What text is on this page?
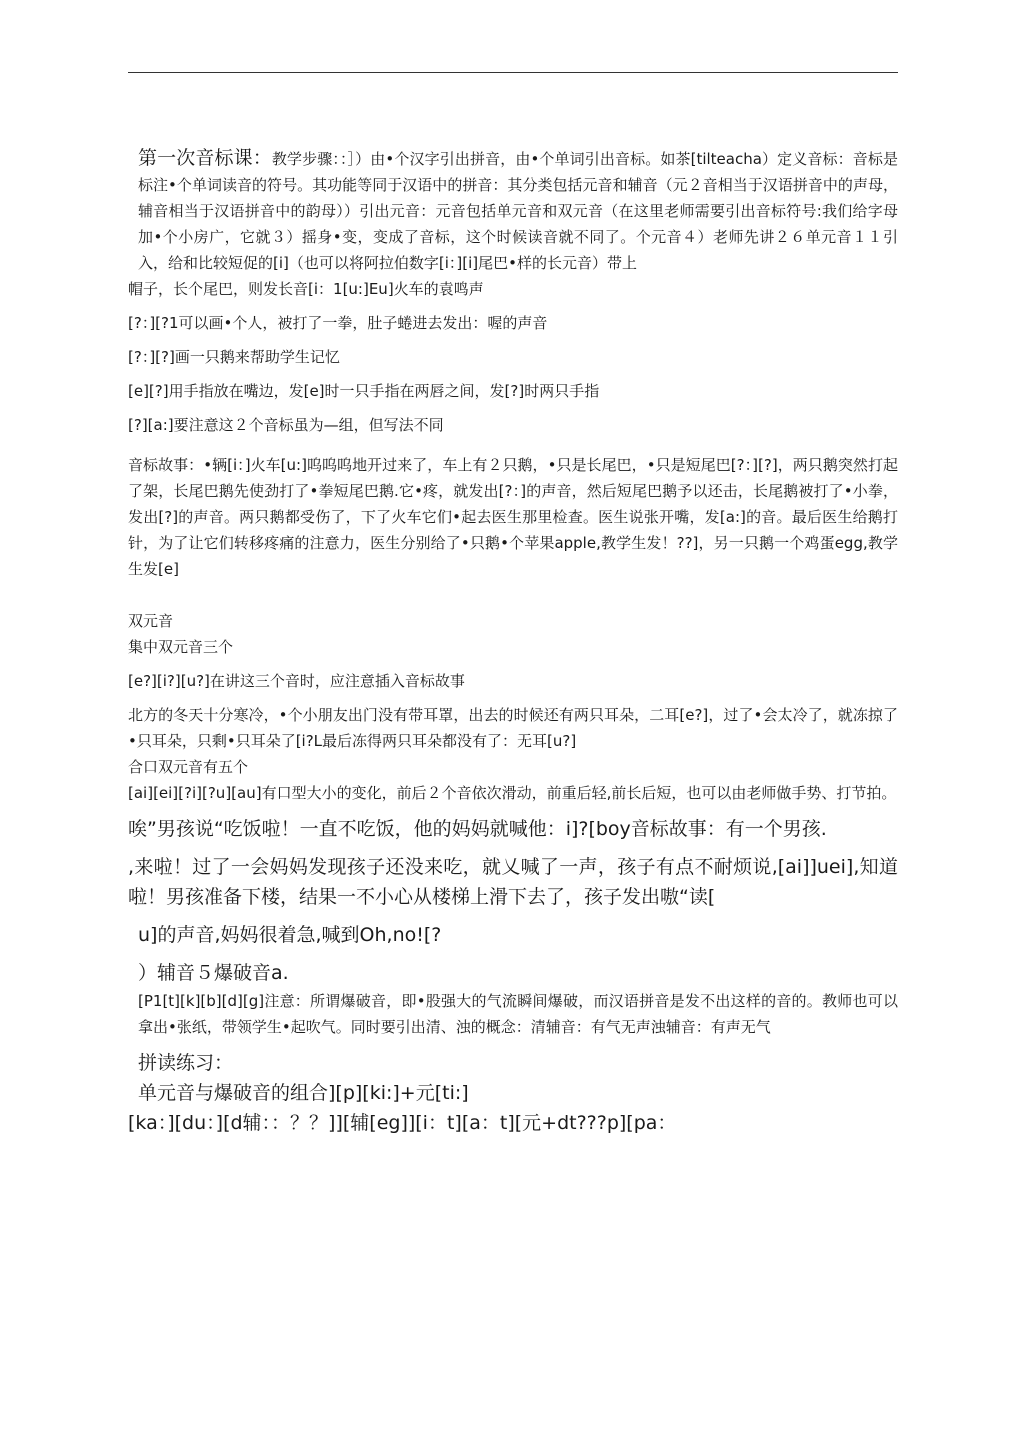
第一次音标课：教学步骤：：］）由•个汉字引出拼音，由•个单词引出音标。如茶[tilteacha）定义音标：音标是标注•个单词读音的符号。其功能等同于汉语中的拼音：其分类包括元音和辅音（元２音相当于汉语拼音中的声母，辅音相当于汉语拼音中的韵母））引出元音：元音包括单元音和双元音（在这里老师需要引出音标符号:我们给字母加•个小房广，它就３）摇身•变，变成了音标，这个时候读音就不同了。个元音４）老师先讲２６单元音１１引入，给和比较短促的[i]（也可以将阿拉伯数字[i：][i]尾巴•样的长元音）带上

帽子，长个尾巴，则发长音[i：1[u:]Eu]火车的袁鸣声

[?：][?1可以画•个人，被打了一拳，肚子蜷进去发出：喔的声音

[?：][?]画一只鹅来帮助学生记忆

[e][?]用手指放在嘴边，发[e]时一只手指在两唇之间，发[?]时两只手指

[?][a:]要注意这２个音标虽为—组，但写法不同

音标故事：•辆[i：]火车[u:]呜呜呜地开过来了，车上有２只鹅，•只是长尾巴，•只是短尾巴[?：][?]，两只鹅突然打起了架，长尾巴鹅先使劲打了•拳短尾巴鹅.它•疼，就发出[?：]的声音，然后短尾巴鹅予以还击，长尾鹅被打了•小拳，发出[?]的声音。两只鹅都受伤了，下了火车它们•起去医生那里检查。医生说张开嘴，发[a:]的音。最后医生给鹅打针，为了让它们转移疼痛的注意力，医生分别给了•只鹅•个苹果apple,教学生发！??]，另一只鹅一个鸡蛋egg,教学生发[e]

双元音

集中双元音三个

[e?][i?][u?]在讲这三个音时，应注意插入音标故事

北方的冬天十分寒冷，•个小朋友出门没有带耳罩，出去的时候还有两只耳朵，二耳[e?]，过了•会太冷了，就冻掠了•只耳朵，只剩•只耳朵了[i?L最后冻得两只耳朵都没有了：无耳[u?]

合口双元音有五个

[ai][ei][?i][?u][au]有口型大小的变化，前后２个音依次滑动，前重后轻,前长后短，也可以由老师做手势、打节拍。

唉”男孩说“吃饭啦！一直不吃饭，他的妈妈就喊他：i]?[boy音标故事：有一个男孩.

,来啦！过了一会妈妈发现孩子还没来吃，就乂喊了一声，孩子有点不耐烦说,[ai]]uei],知道啦！男孩准备下楼，结果一不小心从楼梯上滑下去了，孩子发出嗷“读[

u]的声音,妈妈很着急,喊到Oh,no![?

）辅音５爆破音a.

[P1[t][k][b][d][g]注意：所谓爆破音，即•股强大的气流瞬间爆破，而汉语拼音是发不出这样的音的。教师也可以拿出•张纸，带领学生•起吹气。同时要引出清、浊的概念：清辅音：有气无声浊辅音：有声无气

拼读练习：

单元音与爆破音的组合][p][ki:]+元[ti:]

[ka：][du：][d辅：：？？]][辅[eg]][i：t][a：t][元+dt???p][pa：
